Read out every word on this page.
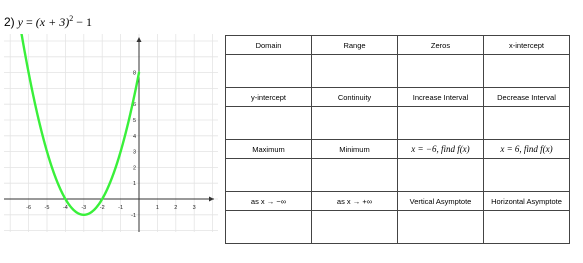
2) $y = (x + 3)^2 - 1$
-6 -5 -4 -3 -2 -1	1	2	3
8
6
5
4
3
2
1
-1
Domain	Range	Zeros	x-intercept

y-intercept	Continuity	Increase Interval	Decrease Interval

Maximum	Minimum	x = −6, find f(x)	x = 6, find f(x)

as x → −∞	as x → +∞	Vertical Asymptote	Horizontal Asymptote
